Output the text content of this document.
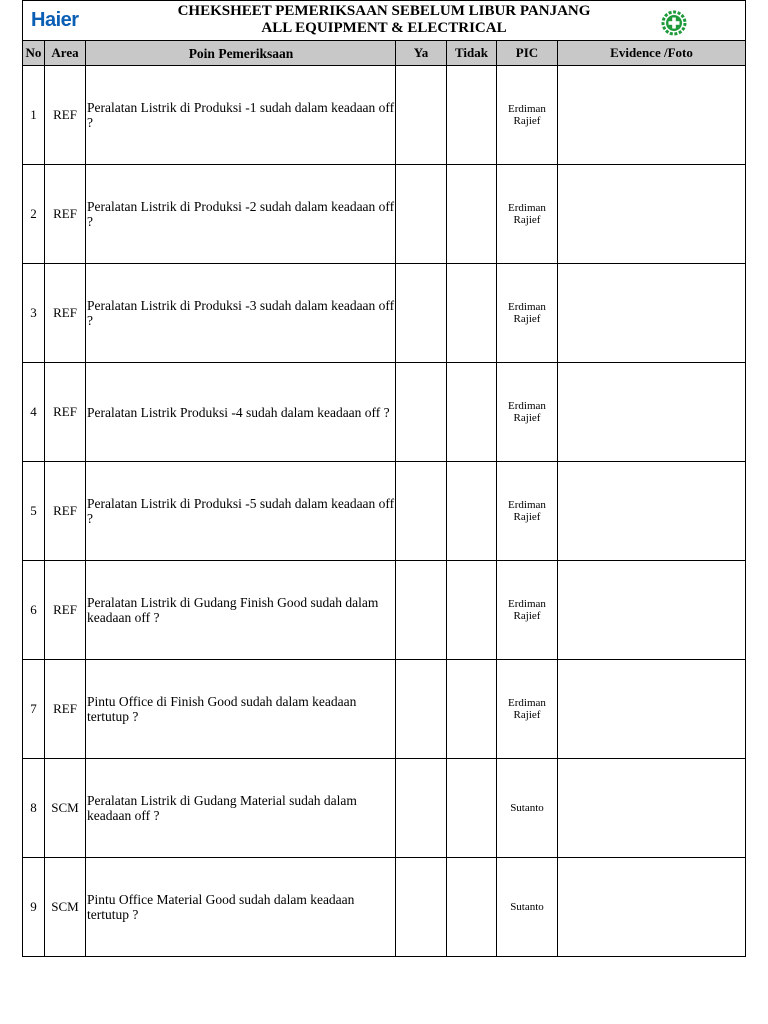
Haier	CHEKSHEET PEMERIKSAAN SEBELUM LIBUR PANJANG
ALL EQUIPMENT & ELECTRICAL
No	Area	Poin Pemeriksaan	Ya	Tidak	PIC	Evidence /Foto
1	REF	Peralatan Listrik di Produksi -1 sudah dalam keadaan off ?			Erdiman
Rajief	

2	REF	Peralatan Listrik di Produksi -2 sudah dalam keadaan off ?			Erdiman
Rajief	

3	REF	Peralatan Listrik di Produksi -3 sudah dalam keadaan off ?			Erdiman
Rajief	

4	REF	Peralatan Listrik Produksi -4 sudah dalam keadaan off ?			Erdiman
Rajief	

5	REF	Peralatan Listrik di Produksi -5 sudah dalam keadaan off ?			Erdiman
Rajief	

6	REF	Peralatan Listrik di Gudang Finish Good sudah dalam keadaan off ?			Erdiman
Rajief	

7	REF	Pintu Office di Finish Good sudah dalam keadaan tertutup ?			Erdiman
Rajief	

8	SCM	Peralatan Listrik di Gudang Material sudah dalam keadaan off ?			Sutanto	

9	SCM	Pintu Office Material Good sudah dalam keadaan tertutup ?			Sutanto	
